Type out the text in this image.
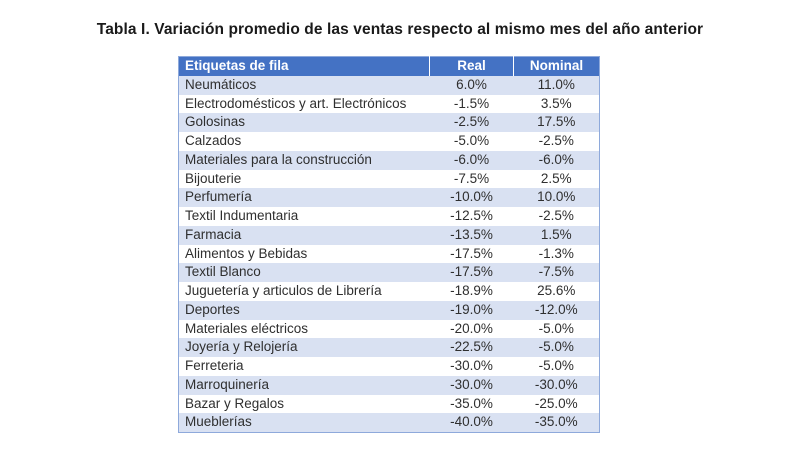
Tabla I. Variación promedio de las ventas respecto al mismo mes del año anterior
Etiquetas de fila	Real	Nominal
Neumáticos	6.0%	11.0%
Electrodomésticos y art. Electrónicos	-1.5%	3.5%
Golosinas	-2.5%	17.5%
Calzados	-5.0%	-2.5%
Materiales para la construcción	-6.0%	-6.0%
Bijouterie	-7.5%	2.5%
Perfumería	-10.0%	10.0%
Textil Indumentaria	-12.5%	-2.5%
Farmacia	-13.5%	1.5%
Alimentos y Bebidas	-17.5%	-1.3%
Textil Blanco	-17.5%	-7.5%
Juguetería y articulos de Librería	-18.9%	25.6%
Deportes	-19.0%	-12.0%
Materiales eléctricos	-20.0%	-5.0%
Joyería y Relojería	-22.5%	-5.0%
Ferreteria	-30.0%	-5.0%
Marroquinería	-30.0%	-30.0%
Bazar y Regalos	-35.0%	-25.0%
Mueblerías	-40.0%	-35.0%
